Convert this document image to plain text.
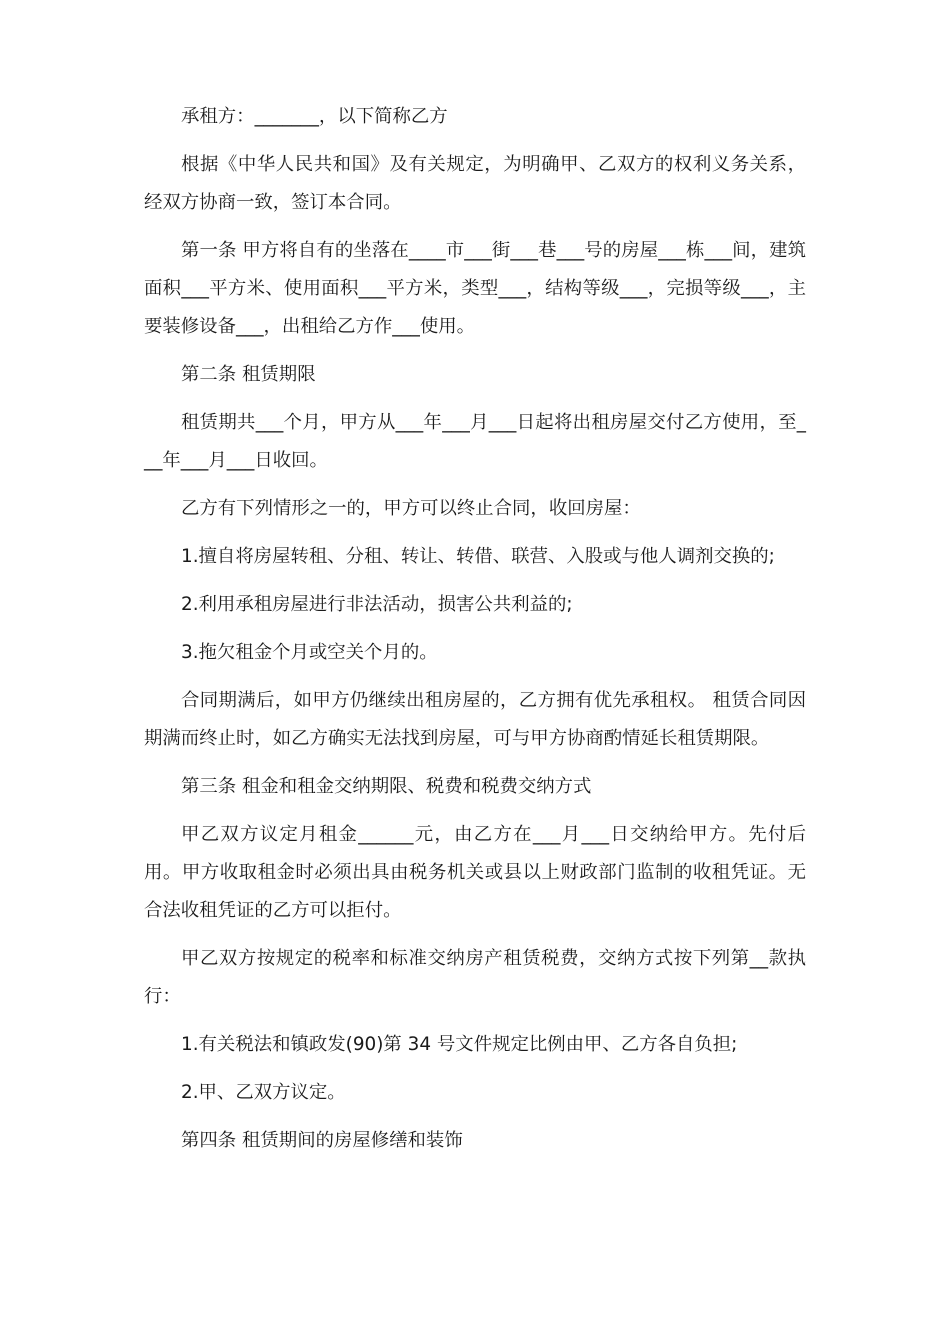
承租方：_______，以下简称乙方

根据《中华人民共和国》及有关规定，为明确甲、乙双方的权利义务关系，经双方协商一致，签订本合同。

第一条 甲方将自有的坐落在____市___街___巷___号的房屋___栋___间，建筑面积___平方米、使用面积___平方米，类型___，结构等级___，完损等级___，主要装修设备___，出租给乙方作___使用。

第二条 租赁期限

租赁期共___个月，甲方从___年___月___日起将出租房屋交付乙方使用，至___年___月___日收回。

乙方有下列情形之一的，甲方可以终止合同，收回房屋：

1.擅自将房屋转租、分租、转让、转借、联营、入股或与他人调剂交换的;

2.利用承租房屋进行非法活动，损害公共利益的;

3.拖欠租金个月或空关个月的。

合同期满后，如甲方仍继续出租房屋的，乙方拥有优先承租权。 租赁合同因期满而终止时，如乙方确实无法找到房屋，可与甲方协商酌情延长租赁期限。

第三条 租金和租金交纳期限、税费和税费交纳方式

甲乙双方议定月租金______元，由乙方在___月___日交纳给甲方。先付后用。甲方收取租金时必须出具由税务机关或县以上财政部门监制的收租凭证。无合法收租凭证的乙方可以拒付。

甲乙双方按规定的税率和标准交纳房产租赁税费，交纳方式按下列第__款执行：

1.有关税法和镇政发(90)第 34 号文件规定比例由甲、乙方各自负担;

2.甲、乙双方议定。

第四条 租赁期间的房屋修缮和装饰
